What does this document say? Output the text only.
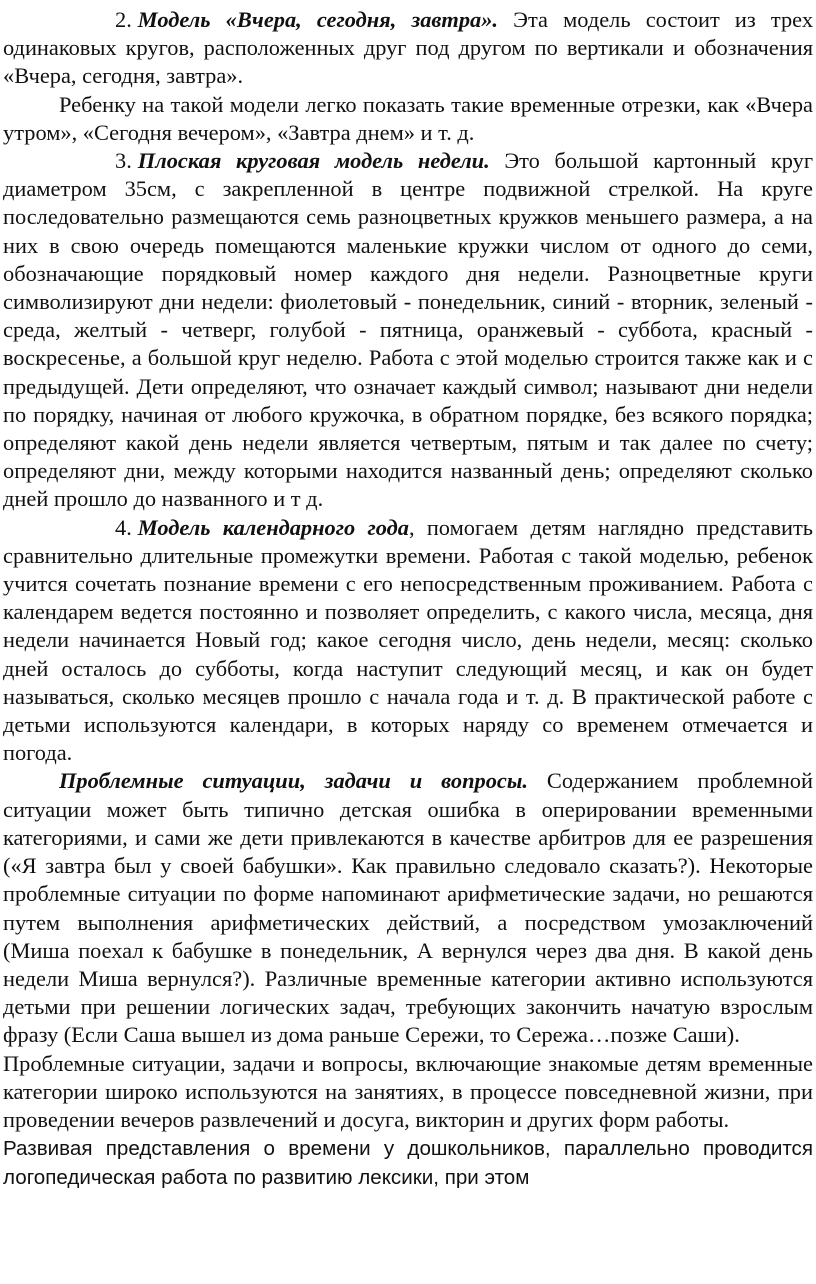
2. Модель «Вчера, сегодня, завтра». Эта модель состоит из трех одинаковых кругов, расположенных друг под другом по вертикали и обозначения «Вчера, сегодня, завтра».

Ребенку на такой модели легко показать такие временные отрезки, как «Вчера утром», «Сегодня вечером», «Завтра днем» и т. д.

3. Плоская круговая модель недели. Это большой картонный круг диаметром 35см, с закрепленной в центре подвижной стрелкой. На круге последовательно размещаются семь разноцветных кружков меньшего размера, а на них в свою очередь помещаются маленькие кружки числом от одного до семи, обозначающие порядковый номер каждого дня недели. Разноцветные круги символизируют дни недели: фиолетовый - понедельник, синий - вторник, зеленый - среда, желтый - четверг, голубой - пятница, оранжевый - суббота, красный - воскресенье, а большой круг неделю. Работа с этой моделью строится также как и с предыдущей. Дети определяют, что означает каждый символ; называют дни недели по порядку, начиная от любого кружочка, в обратном порядке, без всякого порядка; определяют какой день недели является четвертым, пятым и так далее по счету; определяют дни, между которыми находится названный день; определяют сколько дней прошло до названного и т д.

4. Модель календарного года, помогаем детям наглядно представить сравнительно длительные промежутки времени. Работая с такой моделью, ребенок учится сочетать познание времени с его непосредственным проживанием. Работа с календарем ведется постоянно и позволяет определить, с какого числа, месяца, дня недели начинается Новый год; какое сегодня число, день недели, месяц: сколько дней осталось до субботы, когда наступит следующий месяц, и как он будет называться, сколько месяцев прошло с начала года и т. д. В практической работе с детьми используются календари, в которых наряду со временем отмечается и погода.

Проблемные ситуации, задачи и вопросы. Содержанием проблемной ситуации может быть типично детская ошибка в оперировании временными категориями, и сами же дети привлекаются в качестве арбитров для ее разрешения («Я завтра был у своей бабушки». Как правильно следовало сказать?). Некоторые проблемные ситуации по форме напоминают арифметические задачи, но решаются путем выполнения арифметических действий, а посредством умозаключений (Миша поехал к бабушке в понедельник, А вернулся через два дня. В какой день недели Миша вернулся?). Различные временные категории активно используются детьми при решении логических задач, требующих закончить начатую взрослым фразу (Если Саша вышел из дома раньше Сережи, то Сережа…позже Саши).

Проблемные ситуации, задачи и вопросы, включающие знакомые детям временные категории широко используются на занятиях, в процессе повседневной жизни, при проведении вечеров развлечений и досуга, викторин и других форм работы.

Развивая представления о времени у дошкольников, параллельно проводится логопедическая работа по развитию лексики, при этом
